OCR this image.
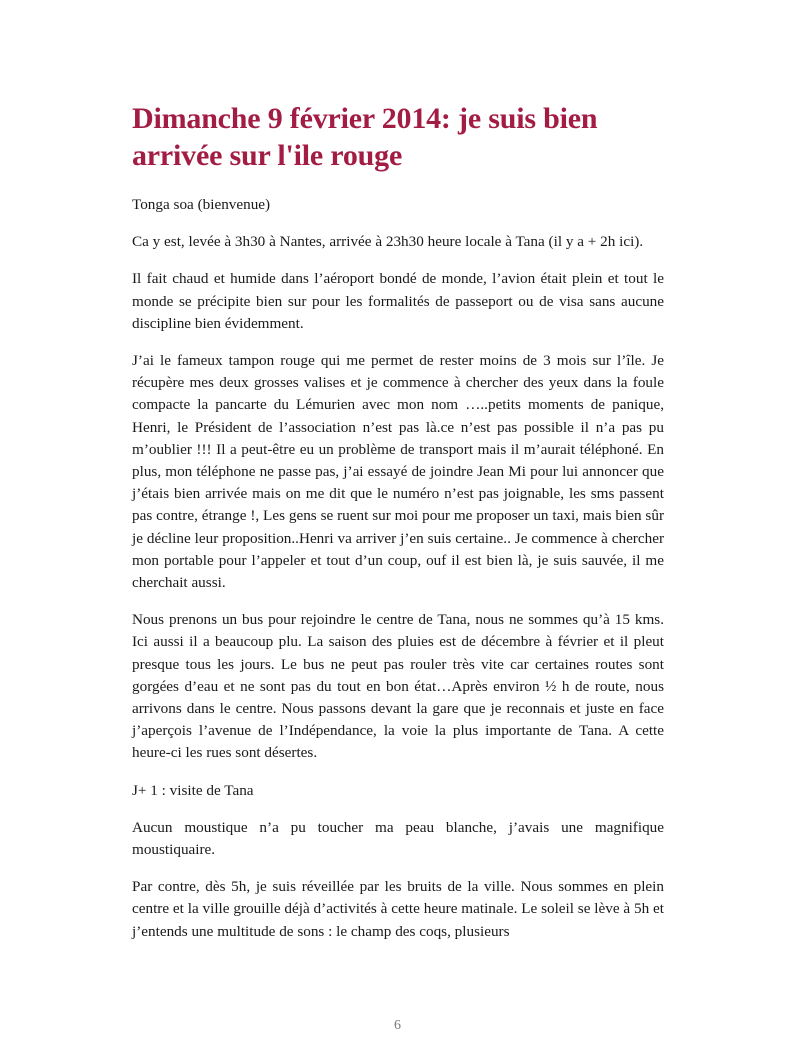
Dimanche 9 février 2014: je suis bien arrivée sur l'ile rouge

Tonga soa (bienvenue)

Ca y est, levée à 3h30 à Nantes, arrivée à 23h30 heure locale à Tana (il y a + 2h ici).

Il fait chaud et humide dans l’aéroport bondé de monde, l’avion était plein et tout le monde se précipite bien sur pour les formalités de passeport ou de visa sans aucune discipline bien évidemment.

J’ai le fameux tampon rouge qui me permet de rester moins de 3 mois sur l’île. Je récupère mes deux grosses valises et je commence à chercher des yeux dans la foule compacte la pancarte du Lémurien avec mon nom …..petits moments de panique, Henri, le Président de l’association n’est pas là.ce n’est pas possible il n’a pas pu m’oublier !!! Il a peut-être eu un problème de transport mais il m’aurait téléphoné. En plus, mon téléphone ne passe pas, j’ai essayé de joindre Jean Mi pour lui annoncer que j’étais bien arrivée mais on me dit que le numéro n’est pas joignable, les sms passent pas contre, étrange !, Les gens se ruent sur moi pour me proposer un taxi, mais bien sûr je décline leur proposition..Henri va arriver j’en suis certaine.. Je commence à chercher mon portable pour l’appeler et tout d’un coup, ouf il est bien là, je suis sauvée, il me cherchait aussi.

Nous prenons un bus pour rejoindre le centre de Tana, nous ne sommes qu’à 15 kms. Ici aussi il a beaucoup plu. La saison des pluies est de décembre à février et il pleut presque tous les jours. Le bus ne peut pas rouler très vite car certaines routes sont gorgées d’eau et ne sont pas du tout en bon état…Après environ ½ h de route, nous arrivons dans le centre. Nous passons devant la gare que je reconnais et juste en face j’aperçois l’avenue de l’Indépendance, la voie la plus importante de Tana. A cette heure-ci les rues sont désertes.

J+ 1 : visite de Tana

Aucun moustique n’a pu toucher ma peau blanche, j’avais une magnifique moustiquaire.

Par contre, dès 5h, je suis réveillée par les bruits de la ville. Nous sommes en plein centre et la ville grouille déjà d’activités à cette heure matinale. Le soleil se lève à 5h et j’entends une multitude de sons : le champ des coqs, plusieurs

6
